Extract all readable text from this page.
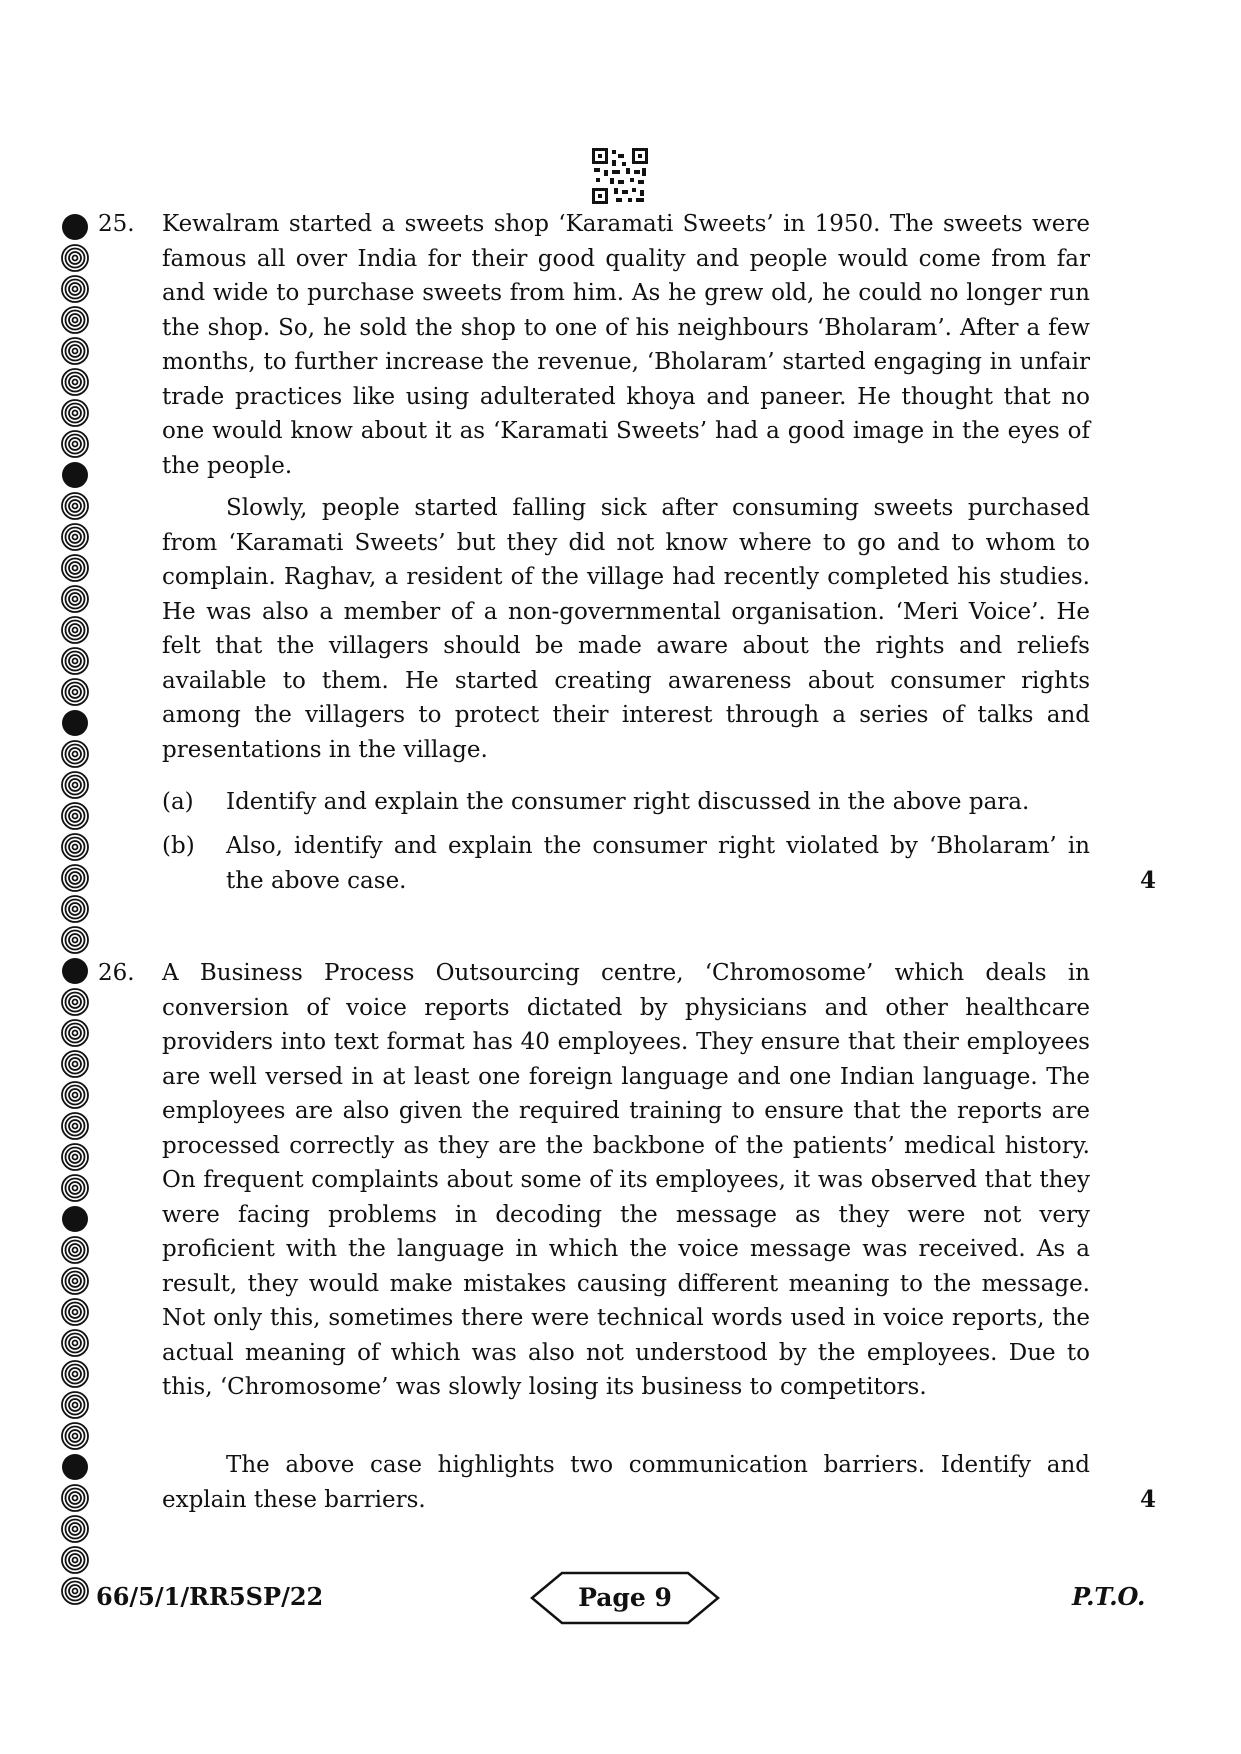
25. Kewalram started a sweets shop ‘Karamati Sweets’ in 1950. The sweets were famous all over India for their good quality and people would come from far and wide to purchase sweets from him. As he grew old, he could no longer run the shop. So, he sold the shop to one of his neighbours ‘Bholaram’. After a few months, to further increase the revenue, ‘Bholaram’ started engaging in unfair trade practices like using adulterated khoya and paneer. He thought that no one would know about it as ‘Karamati Sweets’ had a good image in the eyes of the people.
Slowly, people started falling sick after consuming sweets purchased from ‘Karamati Sweets’ but they did not know where to go and to whom to complain. Raghav, a resident of the village had recently completed his studies. He was also a member of a non-governmental organisation. ‘Meri Voice’. He felt that the villagers should be made aware about the rights and reliefs available to them. He started creating awareness about consumer rights among the villagers to protect their interest through a series of talks and presentations in the village.
(a) Identify and explain the consumer right discussed in the above para.
(b) Also, identify and explain the consumer right violated by ‘Bholaram’ in the above case.	4
26. A Business Process Outsourcing centre, ‘Chromosome’ which deals in conversion of voice reports dictated by physicians and other healthcare providers into text format has 40 employees. They ensure that their employees are well versed in at least one foreign language and one Indian language. The employees are also given the required training to ensure that the reports are processed correctly as they are the backbone of the patients’ medical history. On frequent complaints about some of its employees, it was observed that they were facing problems in decoding the message as they were not very proficient with the language in which the voice message was received. As a result, they would make mistakes causing different meaning to the message. Not only this, sometimes there were technical words used in voice reports, the actual meaning of which was also not understood by the employees. Due to this, ‘Chromosome’ was slowly losing its business to competitors.
The above case highlights two communication barriers. Identify and explain these barriers.	4
66/5/1/RR5SP/22	Page 9	P.T.O.
